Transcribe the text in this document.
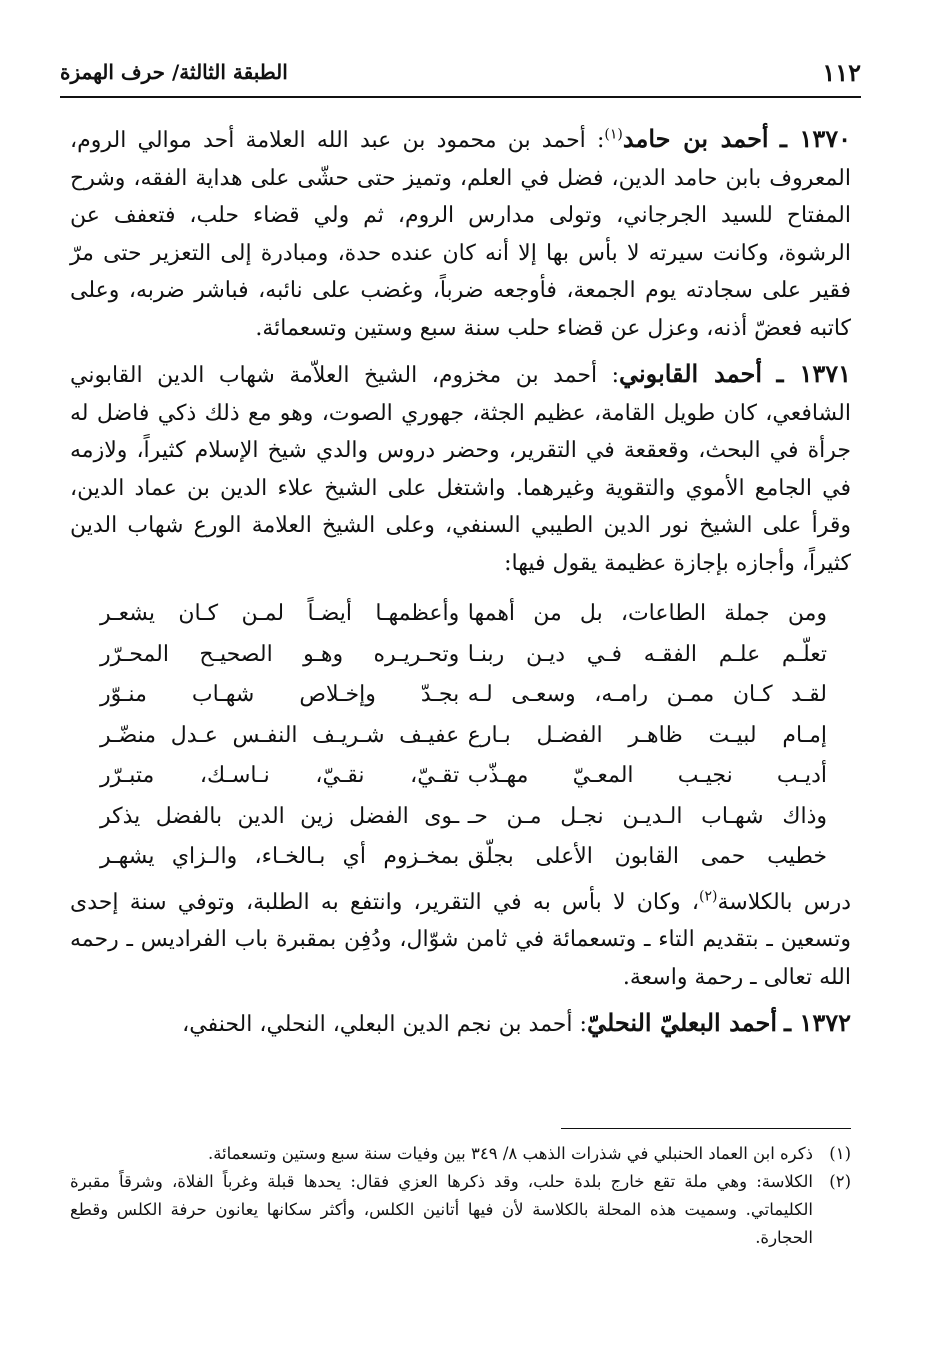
١١٢
الطبقة الثالثة/ حرف الهمزة

١٣٧٠ ـ أحمد بن حامد$^{(١)}$: أحمد بن محمود بن عبد الله العلامة أحد موالي الروم، المعروف بابن حامد الدين، فضل في العلم، وتميز حتى حشّى على هداية الفقه، وشرح المفتاح للسيد الجرجاني، وتولى مدارس الروم، ثم ولي قضاء حلب، فتعفف عن الرشوة، وكانت سيرته لا بأس بها إلا أنه كان عنده حدة، ومبادرة إلى التعزير حتى مرّ فقير على سجادته يوم الجمعة، فأوجعه ضرباً، وغضب على نائبه، فباشر ضربه، وعلى كاتبه فعضّ أذنه، وعزل عن قضاء حلب سنة سبع وستين وتسعمائة.

١٣٧١ ـ أحمد القابوني: أحمد بن مخزوم، الشيخ العلاّمة شهاب الدين القابوني الشافعي، كان طويل القامة، عظيم الجثة، جهوري الصوت، وهو مع ذلك ذكي فاضل له جرأة في البحث، وقعقعة في التقرير، وحضر دروس والدي شيخ الإسلام كثيراً، ولازمه في الجامع الأموي والتقوية وغيرهما. واشتغل على الشيخ علاء الدين بن عماد الدين، وقرأ على الشيخ نور الدين الطيبي السنفي، وعلى الشيخ العلامة الورع شهاب الدين كثيراً، وأجازه بإجازة عظيمة يقول فيها:

ومن جملة الطاعات، بل من أهمها
وأعظمهـا أيضـاً لمـن كـان يشعـر
تعلّـم علـم الفقـه فـي ديـن ربنـا
وتحـريـره وهـو الصحيـح المحـرّر
لقـد كـان ممـن رامـه، وسعـى لـه
بجـدّ وإخـلاص شهـاب منـوّر
إمـام لبيـت ظاهـر الفضـل بـارع
عفيـف شـريـف النفـس عـدل منضّـر
أديـب نجيـب المعـيّ مهـذّب
تقـيّ، نقـيّ، نـاسـك، متبـرّر
وذاك شهـاب الـديـن نجـل مـن حـ
ـوى الفضل زين الدين بالفضل يذكر
خطيب حمى القابون الأعلى بجلّق
بمخـزوم أي بـالخـاء، والـزاي يشهـر

درس بالكلاسة$^{(٢)}$، وكان لا بأس به في التقرير، وانتفع به الطلبة، وتوفي سنة إحدى وتسعين ـ بتقديم التاء ـ وتسعمائة في ثامن شوّال، ودُفِن بمقبرة باب الفراديس ـ رحمه الله تعالى ـ رحمة واسعة.

١٣٧٢ ـ أحمد البعليّ النحليّ: أحمد بن نجم الدين البعلي، النحلي، الحنفي،

(١)
ذكره ابن العماد الحنبلي في شذرات الذهب ٨/ ٣٤٩ بين وفيات سنة سبع وستين وتسعمائة.
(٢)
الكلاسة: وهي ملة تقع خارج بلدة حلب، وقد ذكرها العزي فقال: يحدها قبلة وغرباً الفلاة، وشرقاً مقبرة الكليماتي. وسميت هذه المحلة بالكلاسة لأن فيها أتانين الكلس، وأكثر سكانها يعانون حرفة الكلس وقطع الحجارة.
